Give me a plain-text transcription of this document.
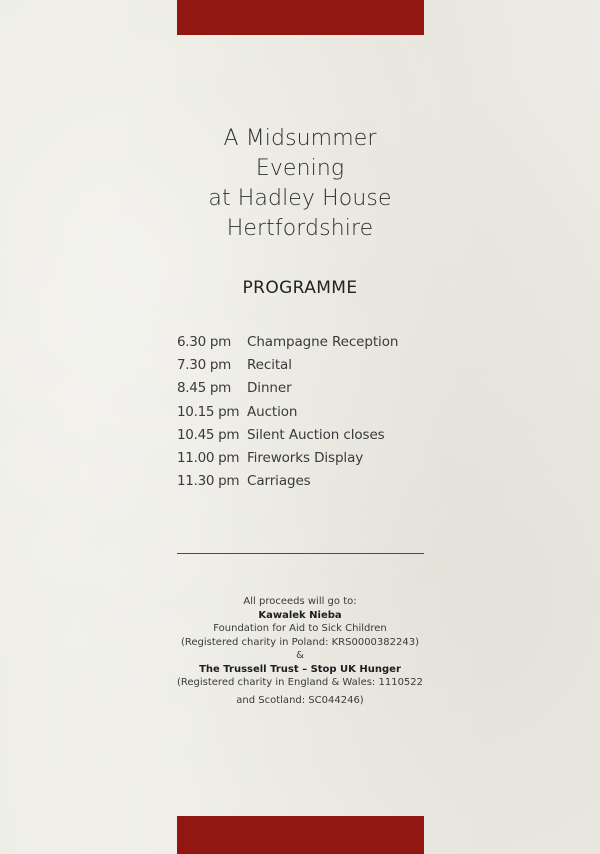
A Midsummer
Evening
at Hadley House
Hertfordshire
PROGRAMME
6.30 pm	Champagne Reception
7.30 pm	Recital
8.45 pm	Dinner
10.15 pm Auction
10.45 pm Silent Auction closes
11.00 pm Fireworks Display
11.30 pm Carriages
All proceeds will go to:
Kawalek Nieba
Foundation for Aid to Sick Children
(Registered charity in Poland: KRS0000382243)
&
The Trussell Trust – Stop UK Hunger
(Registered charity in England & Wales: 1110522
and Scotland: SC044246)
